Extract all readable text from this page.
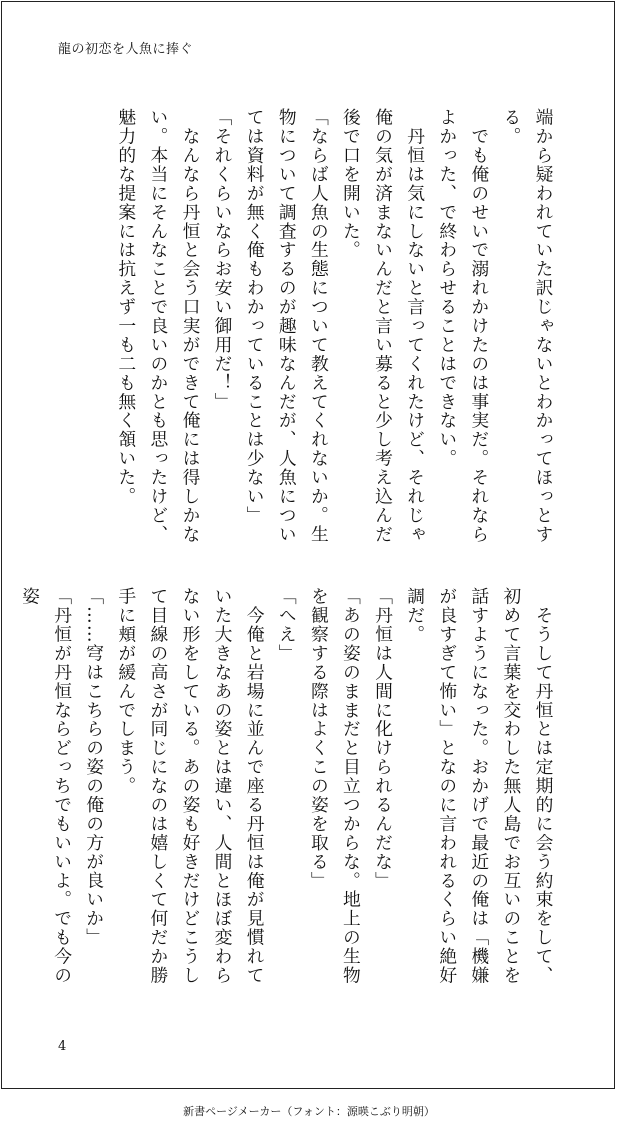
龍の初恋を人魚に捧ぐ

端から疑われていた訳じゃないとわかってほっとする。

　でも俺のせいで溺れかけたのは事実だ。それならよかった、で終わらせることはできない。

　丹恒は気にしないと言ってくれたけど、それじゃ俺の気が済まないんだと言い募ると少し考え込んだ後で口を開いた。

「ならば人魚の生態について教えてくれないか。生物について調査するのが趣味なんだが、人魚については資料が無く俺もわかっていることは少ない」

「それくらいならお安い御用だ！」

　なんなら丹恒と会う口実ができて俺には得しかない。本当にそんなことで良いのかとも思ったけど、魅力的な提案には抗えず一も二も無く頷いた。

　そうして丹恒とは定期的に会う約束をして、初めて言葉を交わした無人島でお互いのことを話すようになった。おかげで最近の俺は「機嫌が良すぎて怖い」となのに言われるくらい絶好調だ。

「丹恒は人間に化けられるんだな」

「あの姿のままだと目立つからな。地上の生物を観察する際はよくこの姿を取る」

「へえ」

　今俺と岩場に並んで座る丹恒は俺が見慣れていた大きなあの姿とは違い、人間とほぼ変わらない形をしている。あの姿も好きだけどこうして目線の高さが同じになのは嬉しくて何だか勝手に頬が緩んでしまう。

「……穹はこちらの姿の俺の方が良いか」

「丹恒が丹恒ならどっちでもいいよ。でも今の姿

4
新書ページメーカー（フォント：源暎こぶり明朝）
